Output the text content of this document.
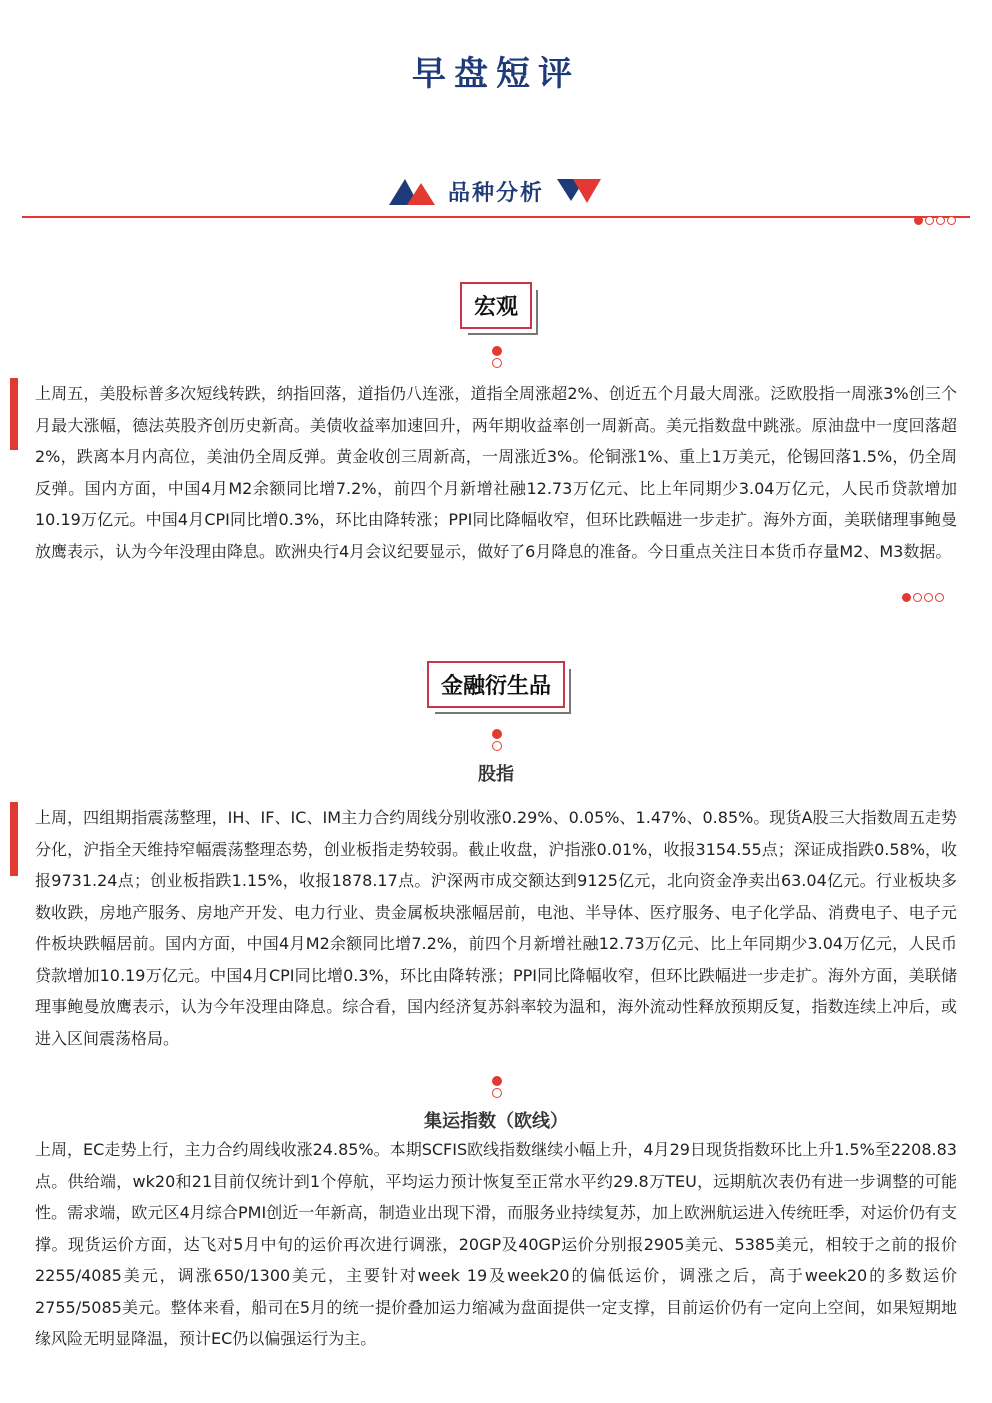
早盘短评
品种分析
宏观
上周五，美股标普多次短线转跌，纳指回落，道指仍八连涨，道指全周涨超2%、创近五个月最大周涨。泛欧股指一周涨3%创三个月最大涨幅，德法英股齐创历史新高。美债收益率加速回升，两年期收益率创一周新高。美元指数盘中跳涨。原油盘中一度回落超2%，跌离本月内高位，美油仍全周反弹。黄金收创三周新高，一周涨近3%。伦铜涨1%、重上1万美元，伦锡回落1.5%，仍全周反弹。国内方面，中国4月M2余额同比增7.2%，前四个月新增社融12.73万亿元、比上年同期少3.04万亿元，人民币贷款增加10.19万亿元。中国4月CPI同比增0.3%，环比由降转涨；PPI同比降幅收窄，但环比跌幅进一步走扩。海外方面，美联储理事鲍曼放鹰表示，认为今年没理由降息。欧洲央行4月会议纪要显示，做好了6月降息的准备。今日重点关注日本货币存量M2、M3数据。
金融衍生品
股指
上周，四组期指震荡整理，IH、IF、IC、IM主力合约周线分别收涨0.29%、0.05%、1.47%、0.85%。现货A股三大指数周五走势分化，沪指全天维持窄幅震荡整理态势，创业板指走势较弱。截止收盘，沪指涨0.01%，收报3154.55点；深证成指跌0.58%，收报9731.24点；创业板指跌1.15%，收报1878.17点。沪深两市成交额达到9125亿元，北向资金净卖出63.04亿元。行业板块多数收跌，房地产服务、房地产开发、电力行业、贵金属板块涨幅居前，电池、半导体、医疗服务、电子化学品、消费电子、电子元件板块跌幅居前。国内方面，中国4月M2余额同比增7.2%，前四个月新增社融12.73万亿元、比上年同期少3.04万亿元，人民币贷款增加10.19万亿元。中国4月CPI同比增0.3%，环比由降转涨；PPI同比降幅收窄，但环比跌幅进一步走扩。海外方面，美联储理事鲍曼放鹰表示，认为今年没理由降息。综合看，国内经济复苏斜率较为温和，海外流动性释放预期反复，指数连续上冲后，或进入区间震荡格局。
集运指数（欧线）
上周，EC走势上行，主力合约周线收涨24.85%。本期SCFIS欧线指数继续小幅上升，4月29日现货指数环比上升1.5%至2208.83点。供给端，wk20和21目前仅统计到1个停航，平均运力预计恢复至正常水平约29.8万TEU，远期航次表仍有进一步调整的可能性。需求端，欧元区4月综合PMI创近一年新高，制造业出现下滑，而服务业持续复苏，加上欧洲航运进入传统旺季，对运价仍有支撑。现货运价方面，达飞对5月中旬的运价再次进行调涨，20GP及40GP运价分别报2905美元、5385美元，相较于之前的报价2255/4085美元，调涨650/1300美元，主要针对week 19及week20的偏低运价，调涨之后，高于week20的多数运价2755/5085美元。整体来看，船司在5月的统一提价叠加运力缩减为盘面提供一定支撑，目前运价仍有一定向上空间，如果短期地缘风险无明显降温，预计EC仍以偏强运行为主。
